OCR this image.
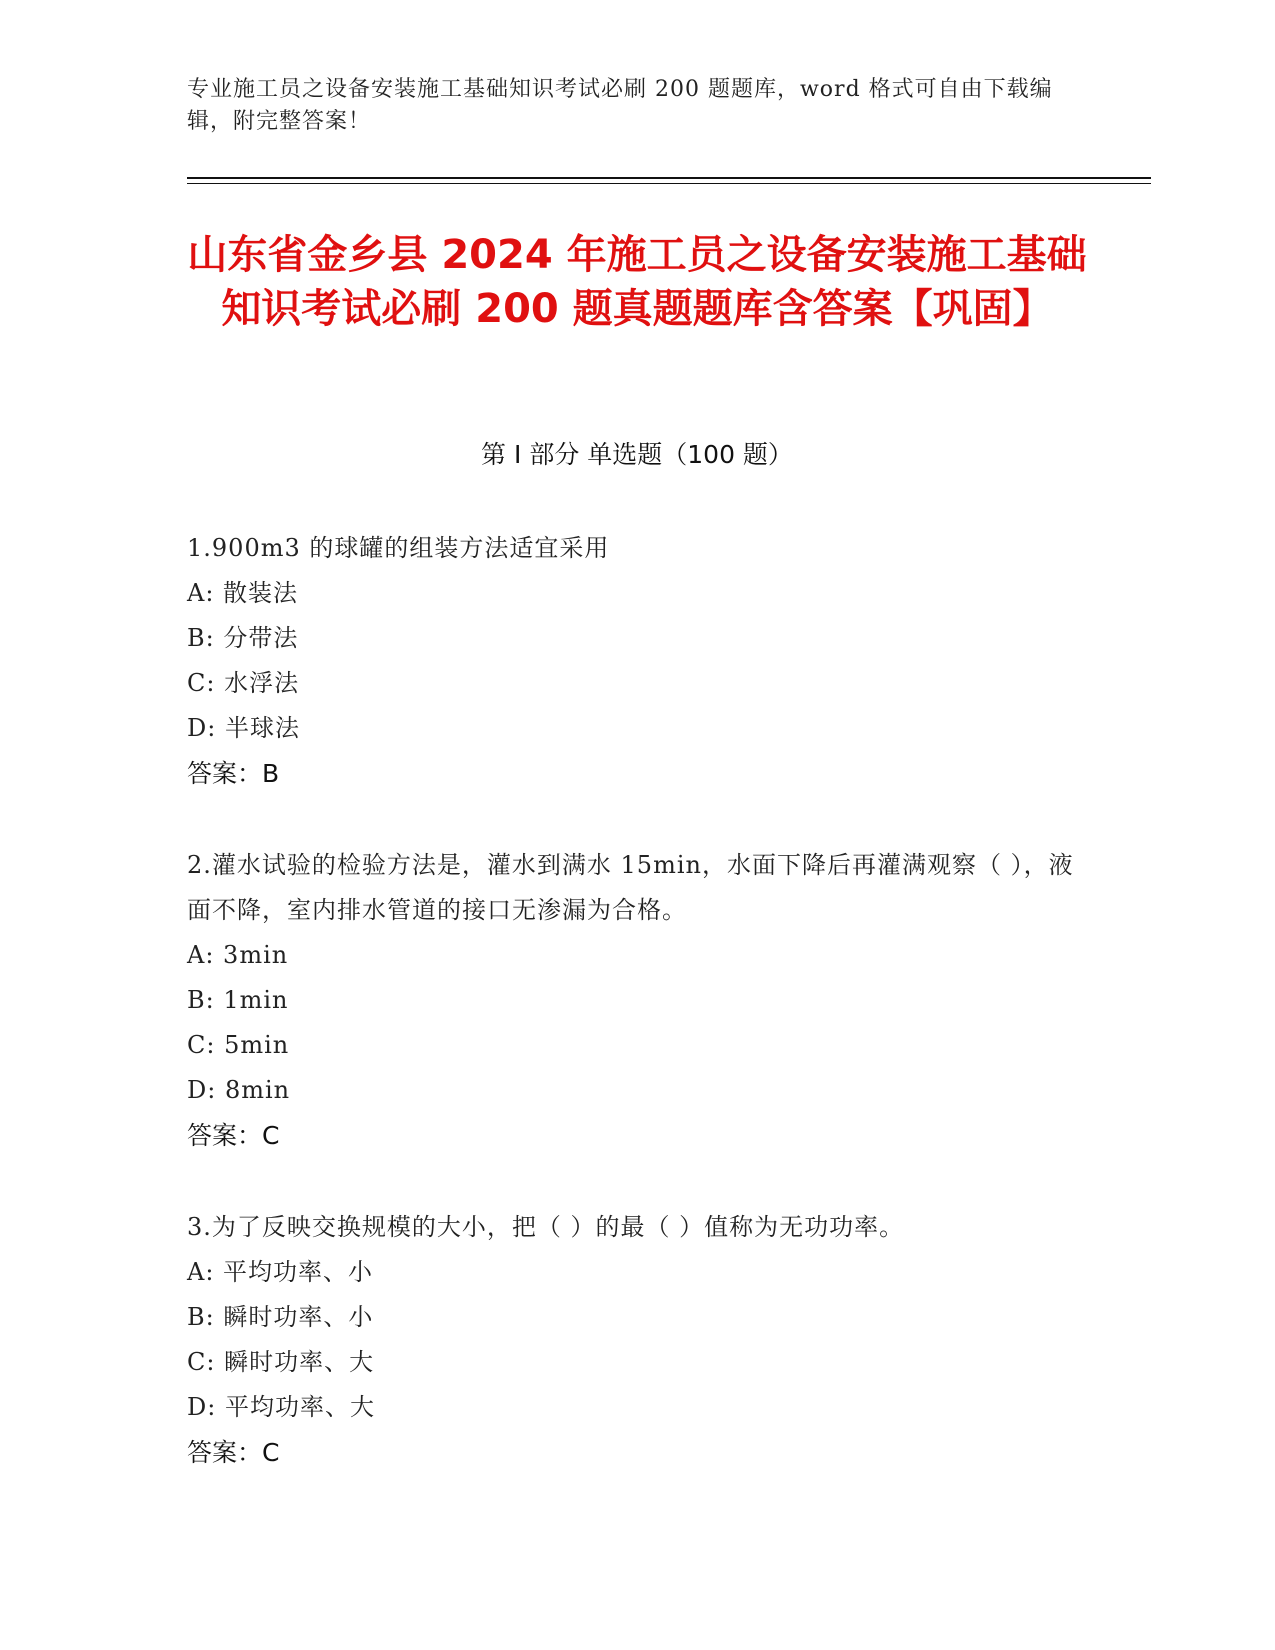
专业施工员之设备安装施工基础知识考试必刷 200 题题库，word 格式可自由下载编辑，附完整答案！
山东省金乡县 2024 年施工员之设备安装施工基础知识考试必刷 200 题真题题库含答案【巩固】
第 I 部分 单选题（100 题）
1.900m3 的球罐的组装方法适宜采用
A: 散装法
B: 分带法
C: 水浮法
D: 半球法
答案：B
2.灌水试验的检验方法是，灌水到满水 15min，水面下降后再灌满观察（ ），液面不降，室内排水管道的接口无渗漏为合格。
A: 3min
B: 1min
C: 5min
D: 8min
答案：C
3.为了反映交换规模的大小，把（ ）的最（ ）值称为无功功率。
A: 平均功率、小
B: 瞬时功率、小
C: 瞬时功率、大
D: 平均功率、大
答案：C
